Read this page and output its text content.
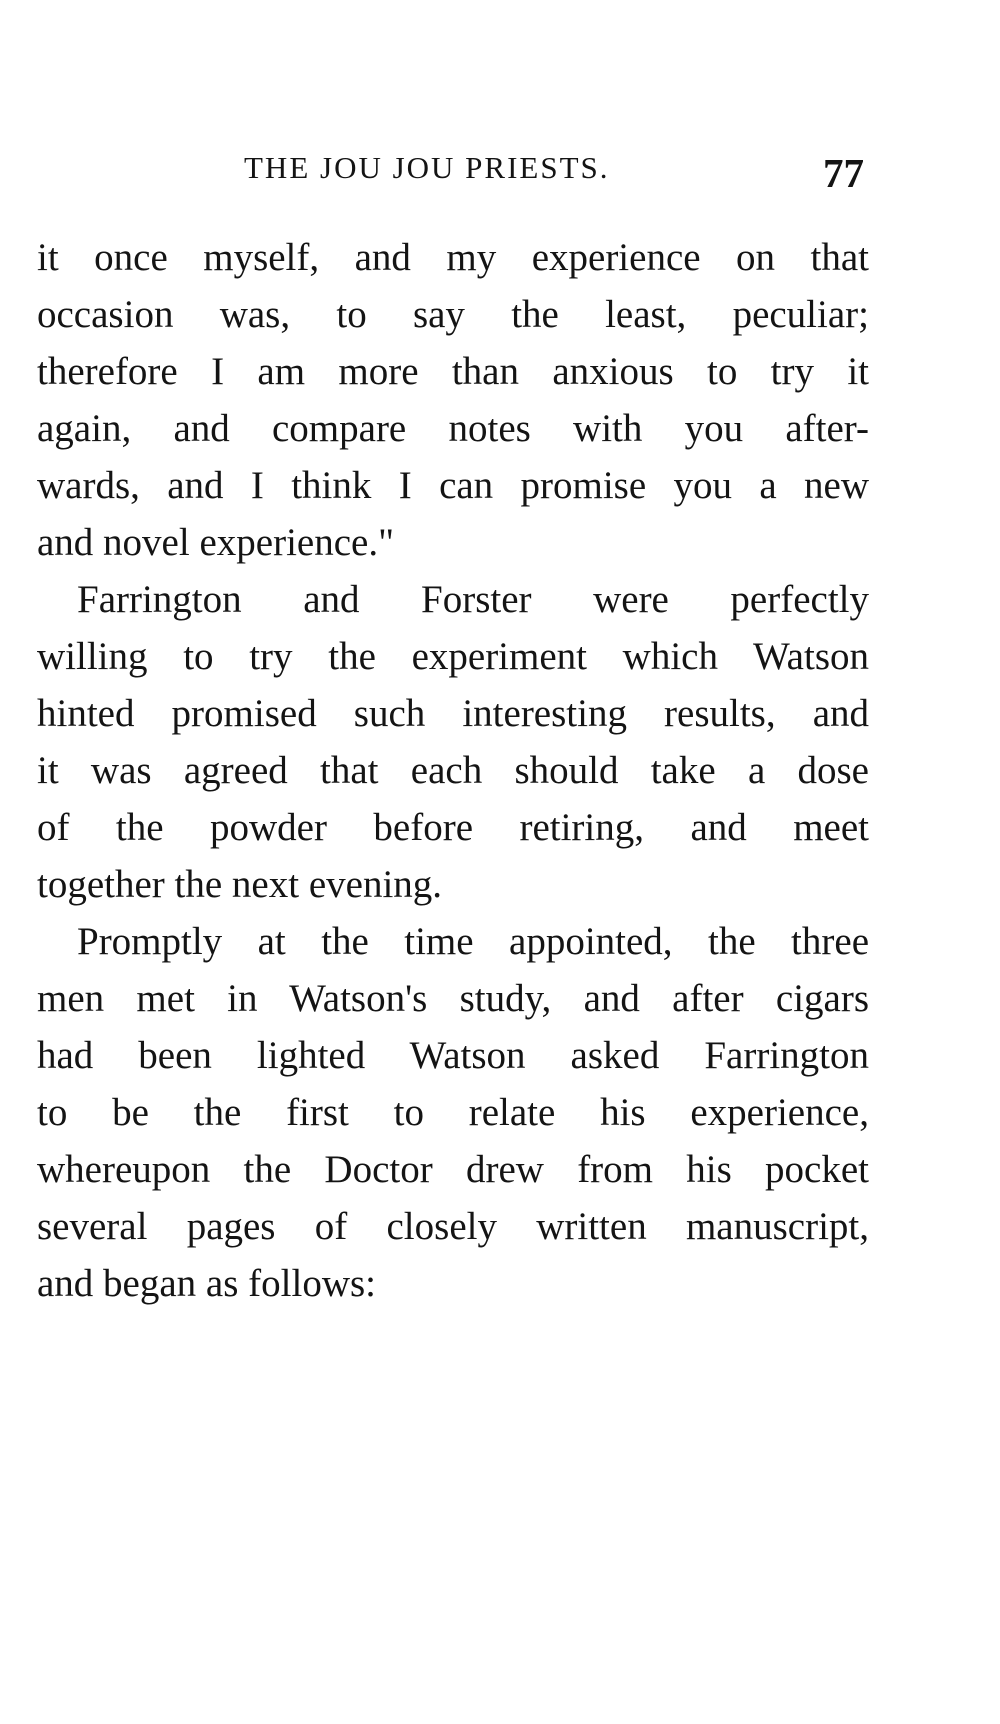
THE JOU JOU PRIESTS.	77
it once myself, and my experience on that
occasion was, to say the least, peculiar;
therefore I am more than anxious to try it
again, and compare notes with you after-
wards, and I think I can promise you a new
and novel experience."
Farrington and Forster were perfectly
willing to try the experiment which Watson
hinted promised such interesting results, and
it was agreed that each should take a dose
of the powder before retiring, and meet
together the next evening.
Promptly at the time appointed, the three
men met in Watson's study, and after cigars
had been lighted Watson asked Farrington
to be the first to relate his experience,
whereupon the Doctor drew from his pocket
several pages of closely written manuscript,
and began as follows:
